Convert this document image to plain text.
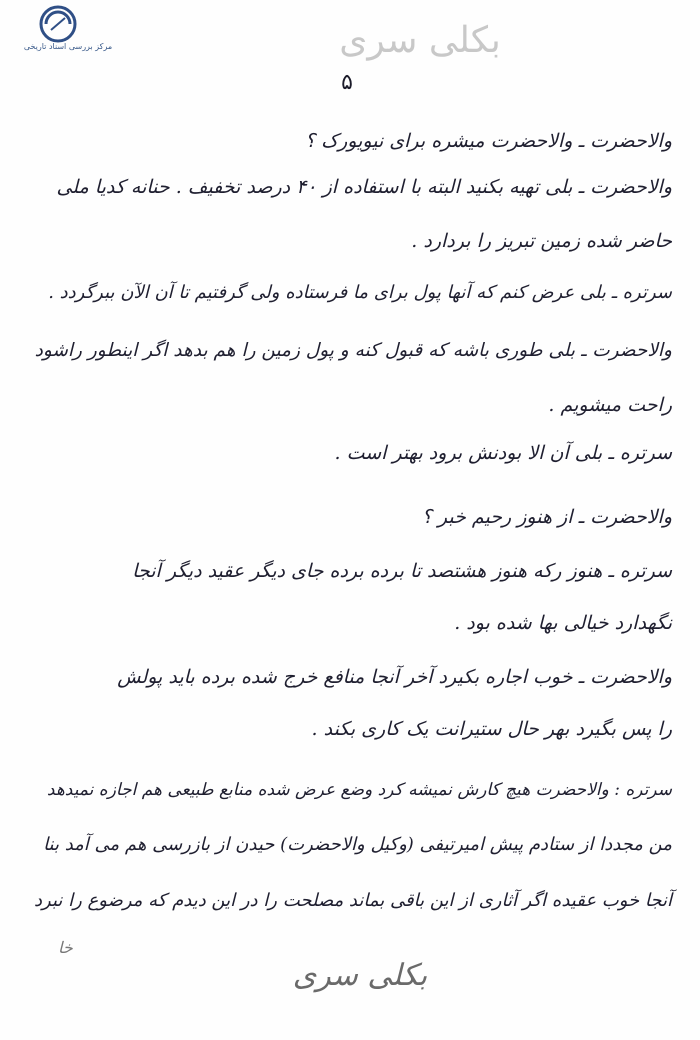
مرکز بررسی اسناد تاریخی	بکلی سری
۵
والاحضرت ـ والاحضرت میشره برای نیویورک ؟
والاحضرت ـ بلی تهیه بکنید البته با استفاده از ۴۰ درصد تخفیف . حنانه کدیا ملی
حاضر شده زمین تبریز را بردارد .
سرتره ـ بلی عرض کنم که آنها پول برای ما فرستاده ولی گرفتیم تا آن الآن ببرگردد .
والاحضرت ـ بلی طوری باشه که قبول کنه و پول زمین را هم بدهد اگر اینطور راشود
راحت میشویم .
سرتره ـ بلی آن الا بودنش برود بهتر است .
والاحضرت ـ از هنوز رحیم خبر ؟
سرتره ـ هنوز رکه هنوز هشتصد تا برده برده جای دیگر عقید دیگر آنجا
نگهدارد خیالی بها شده بود .
والاحضرت ـ خوب اجاره بکیرد آخر آنجا منافع خرج شده برده باید پولش
را پس بگیرد بهر حال ستیرانت یک کاری بکند .
سرتره : والاحضرت هیچ کارش نمیشه کرد وضع عرض شده منابع طبیعی هم اجازه نمیدهد
من مجددا از ستادم پیش امیرتیفی (وکیل والاحضرت) حیدن از بازرسی هم می آمد بنا
آنجا خوب عقیده اگر آثاری از این باقی بماند مصلحت را در این دیدم که مرضوع را نبرد
خا
بکلی سری
